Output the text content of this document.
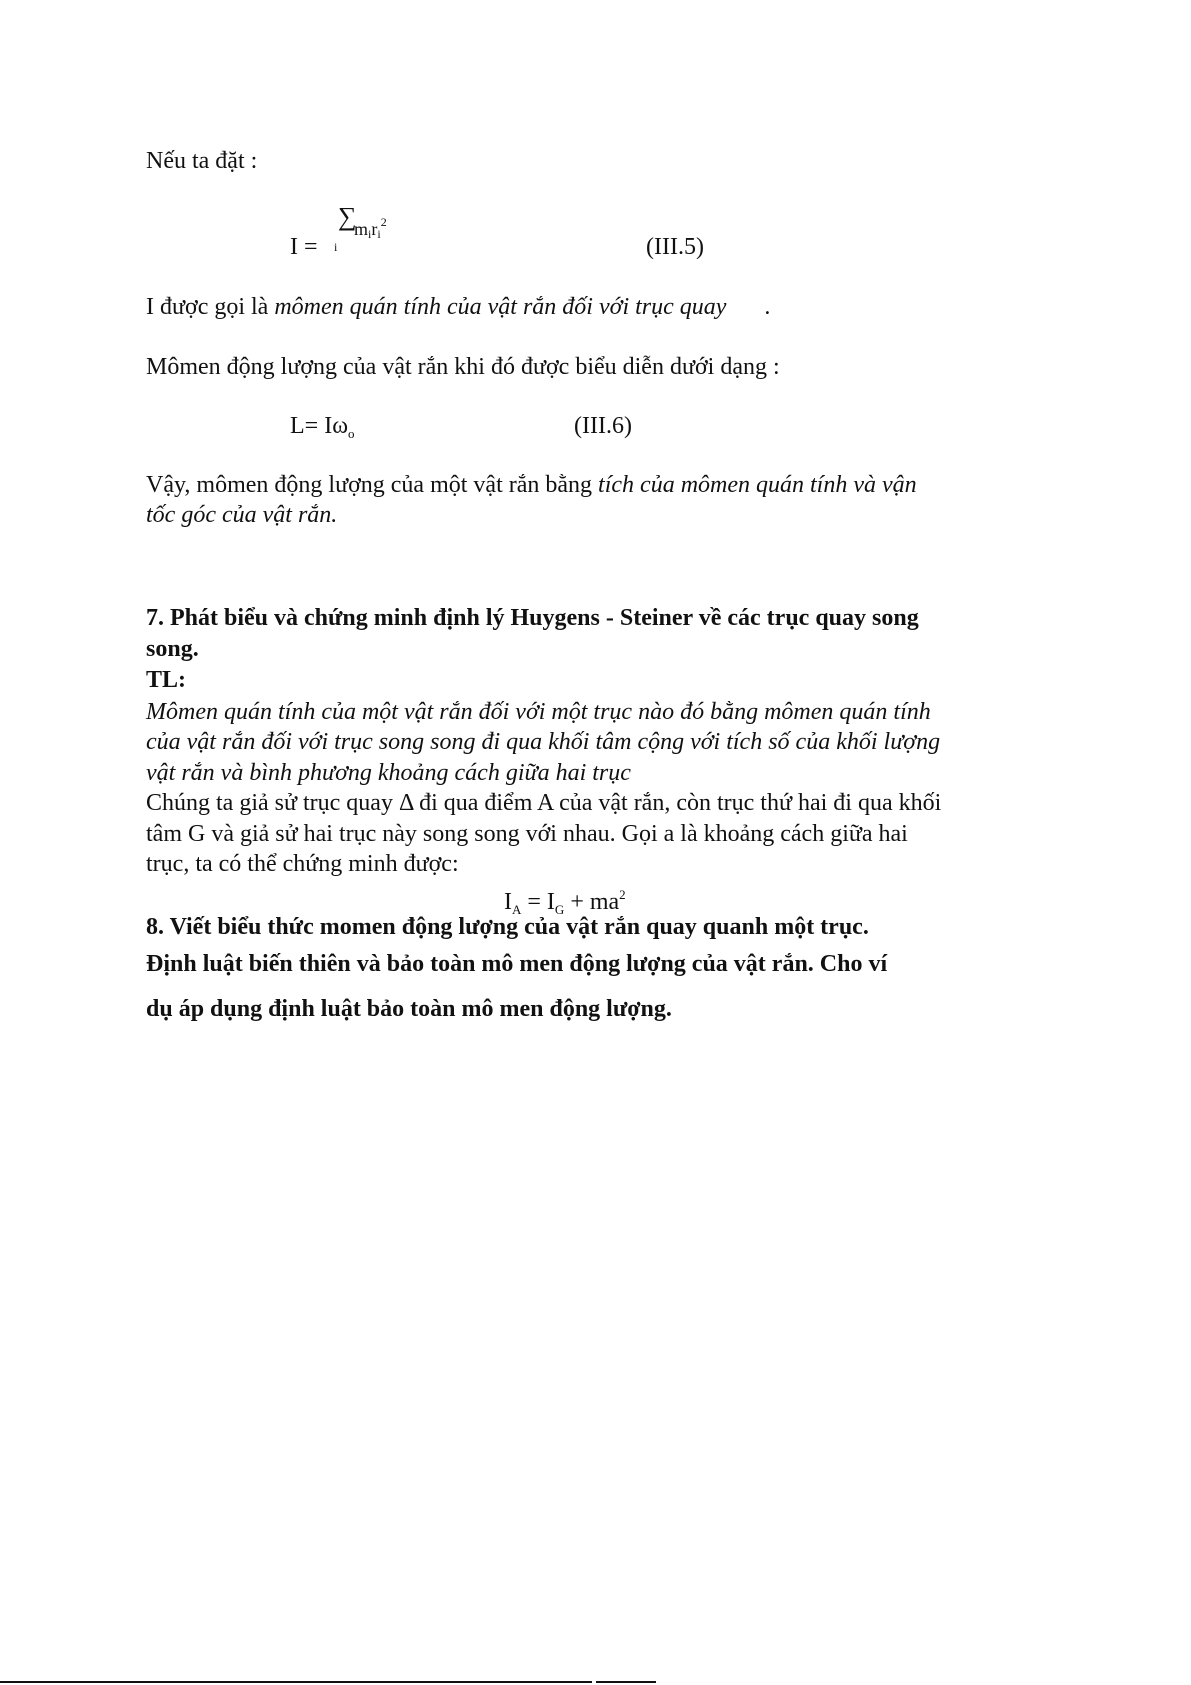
Nếu ta đặt :
I =
∑
i
miri$^2$
(III.5)
I được gọi là mômen quán tính của vật rắn đối với trục quay .
Mômen động lượng của vật rắn khi đó được biểu diễn dưới dạng :
$L= I\omega_o$	(III.6)
Vậy, mômen động lượng của một vật rắn bằng tích của mômen quán tính và vận
tốc góc của vật rắn.
7. Phát biểu và chứng minh định lý Huygens - Steiner về các trục quay song
song.
TL:
Mômen quán tính của một vật rắn đối với một trục nào đó bằng mômen quán tính
của vật rắn đối với trục song song đi qua khối tâm cộng với tích số của khối lượng
vật rắn và bình phương khoảng cách giữa hai trục
Chúng ta giả sử trục quay Δ đi qua điểm A của vật rắn, còn trục thứ hai đi qua khối
tâm G và giả sử hai trục này song song với nhau. Gọi a là khoảng cách giữa hai
trục, ta có thể chứng minh được:
$I_A = I_G + ma^2$
8. Viết biểu thức momen động lượng của vật rắn quay quanh một trục.
Định luật biến thiên và bảo toàn mô men động lượng của vật rắn. Cho ví
dụ áp dụng định luật bảo toàn mô men động lượng.
